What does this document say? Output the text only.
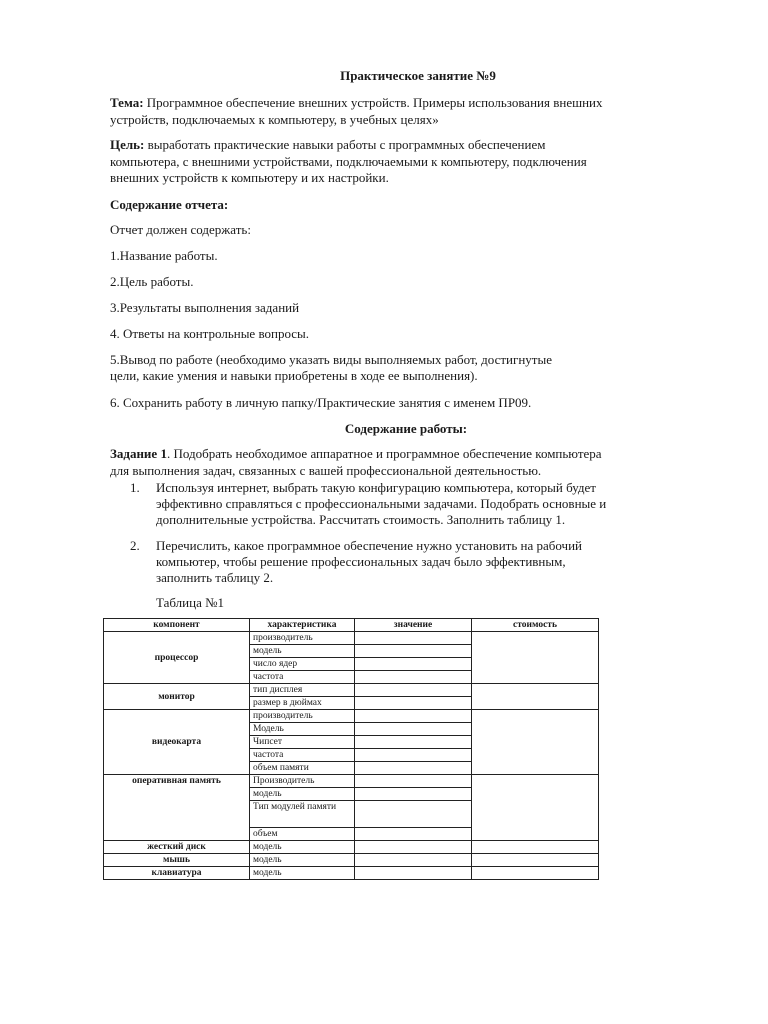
Практическое занятие №9

Тема: Программное обеспечение внешних устройств. Примеры использования внешних
устройств, подключаемых к компьютеру, в учебных целях»

Цель: выработать практические навыки работы с программных обеспечением
компьютера, с внешними устройствами, подключаемыми к компьютеру, подключения
внешних устройств к компьютеру и их настройки.

Содержание отчета:

Отчет должен содержать:

1.Название работы.

2.Цель работы.

3.Результаты выполнения заданий

4. Ответы на контрольные вопросы.

5.Вывод по работе (необходимо указать виды выполняемых работ, достигнутые

цели, какие умения и навыки приобретены в ходе ее выполнения).

6. Сохранить работу в личную папку/Практические занятия с именем ПР09.

Содержание работы:

Задание 1. Подобрать необходимое аппаратное и программное обеспечение компьютера
для выполнения задач, связанных с вашей профессиональной деятельностью.

1. Используя интернет, выбрать такую конфигурацию компьютера, который будет
эффективно справляться с профессиональными задачами. Подобрать основные и
дополнительные устройства. Рассчитать стоимость. Заполнить таблицу 1.
2. Перечислить, какое программное обеспечение нужно установить на рабочий
компьютер, чтобы решение профессиональных задач было эффективным,
заполнить таблицу 2.
Таблица №1
компонент	характеристика	значение	стоимость
процессор	производитель		
	модель		
	число ядер		
	частота		
монитор	тип дисплея		
	размер в дюймах		
видеокарта	производитель		
	Модель		
	Чипсет		
	частота		
	объем памяти		
оперативная память	Производитель		
	модель		
	Тип модулей памяти		
	объем		
жесткий диск	модель		
мышь	модель		
клавиатура	модель		
